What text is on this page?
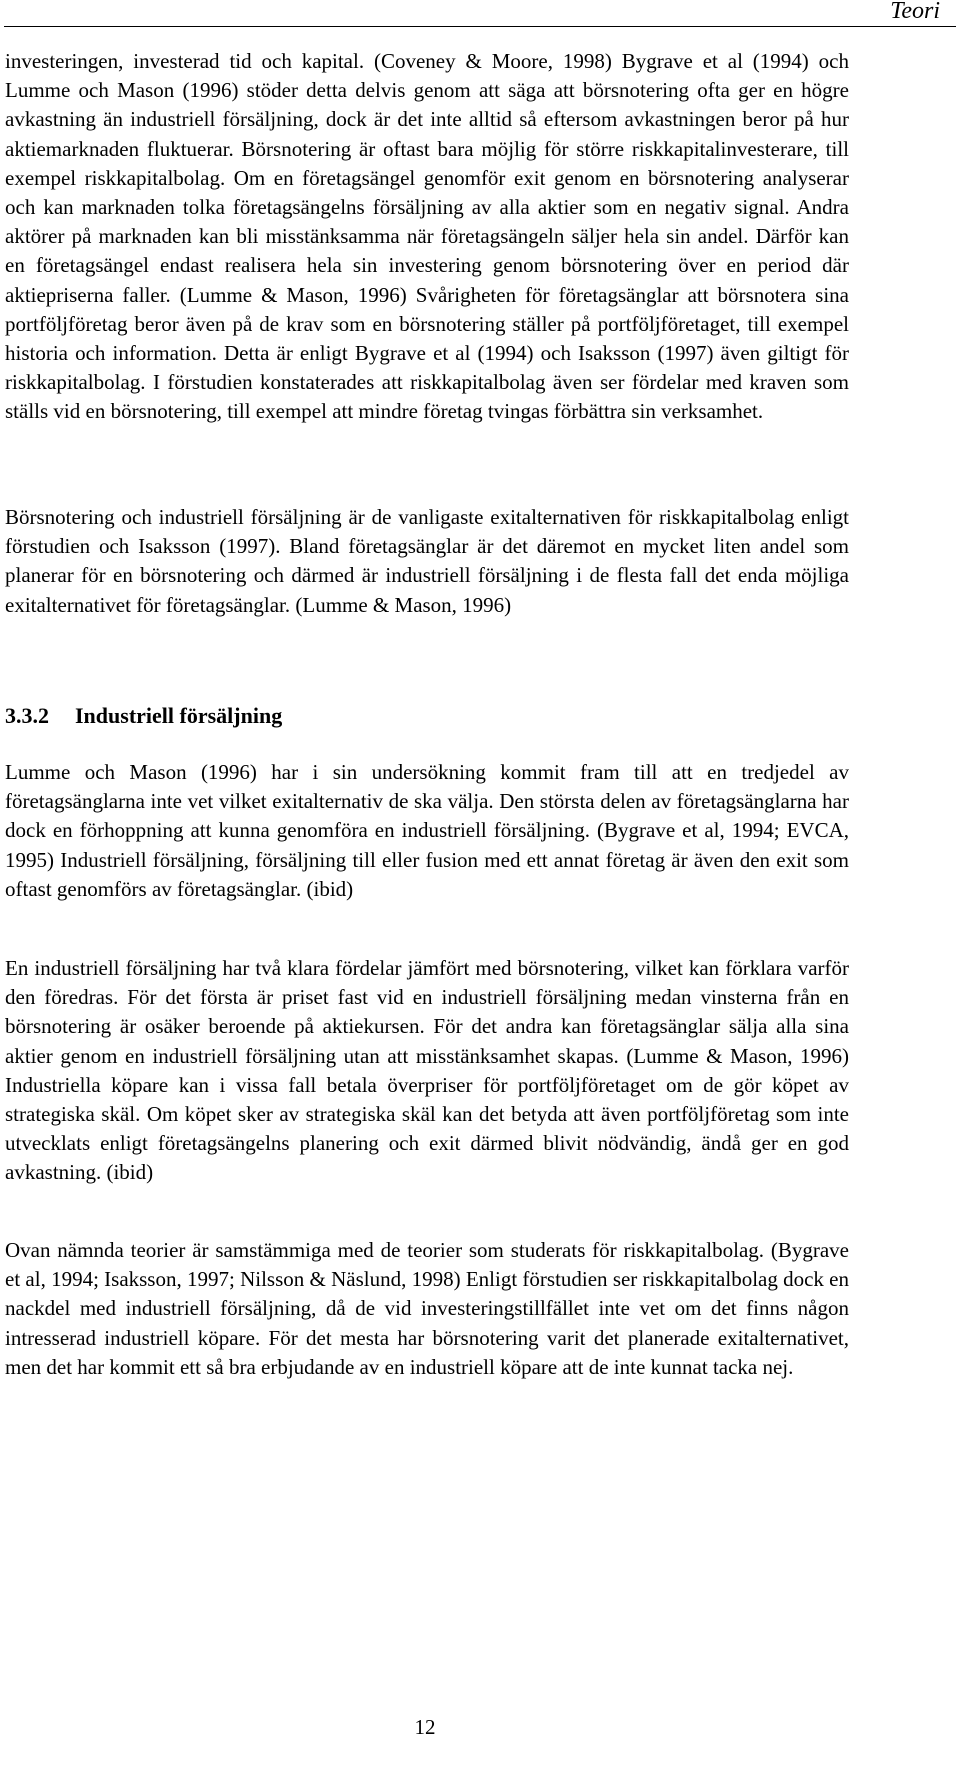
Teori

investeringen, investerad tid och kapital. (Coveney & Moore, 1998) Bygrave et al (1994) och Lumme och Mason (1996) stöder detta delvis genom att säga att börsnotering ofta ger en högre avkastning än industriell försäljning, dock är det inte alltid så eftersom avkastningen beror på hur aktiemarknaden fluktuerar. Börsnotering är oftast bara möjlig för större riskkapitalinvesterare, till exempel riskkapitalbolag. Om en företagsängel genomför exit genom en börsnotering analyserar och kan marknaden tolka företagsängelns försäljning av alla aktier som en negativ signal. Andra aktörer på marknaden kan bli misstänksamma när företagsängeln säljer hela sin andel. Därför kan en företagsängel endast realisera hela sin investering genom börsnotering över en period där aktiepriserna faller. (Lumme & Mason, 1996) Svårigheten för företagsänglar att börsnotera sina portföljföretag beror även på de krav som en börsnotering ställer på portföljföretaget, till exempel historia och information. Detta är enligt Bygrave et al (1994) och Isaksson (1997) även giltigt för riskkapitalbolag. I förstudien konstaterades att riskkapitalbolag även ser fördelar med kraven som ställs vid en börsnotering, till exempel att mindre företag tvingas förbättra sin verksamhet.

Börsnotering och industriell försäljning är de vanligaste exitalternativen för riskkapitalbolag enligt förstudien och Isaksson (1997). Bland företagsänglar är det däremot en mycket liten andel som planerar för en börsnotering och därmed är industriell försäljning i de flesta fall det enda möjliga exitalternativet för företagsänglar. (Lumme & Mason, 1996)

3.3.2 Industriell försäljning

Lumme och Mason (1996) har i sin undersökning kommit fram till att en tredjedel av företagsänglarna inte vet vilket exitalternativ de ska välja. Den största delen av företagsänglarna har dock en förhoppning att kunna genomföra en industriell försäljning. (Bygrave et al, 1994; EVCA, 1995) Industriell försäljning, försäljning till eller fusion med ett annat företag är även den exit som oftast genomförs av företagsänglar. (ibid)

En industriell försäljning har två klara fördelar jämfört med börsnotering, vilket kan förklara varför den föredras. För det första är priset fast vid en industriell försäljning medan vinsterna från en börsnotering är osäker beroende på aktiekursen. För det andra kan företagsänglar sälja alla sina aktier genom en industriell försäljning utan att misstänksamhet skapas. (Lumme & Mason, 1996) Industriella köpare kan i vissa fall betala överpriser för portföljföretaget om de gör köpet av strategiska skäl. Om köpet sker av strategiska skäl kan det betyda att även portföljföretag som inte utvecklats enligt företagsängelns planering och exit därmed blivit nödvändig, ändå ger en god avkastning. (ibid)

Ovan nämnda teorier är samstämmiga med de teorier som studerats för riskkapitalbolag. (Bygrave et al, 1994; Isaksson, 1997; Nilsson & Näslund, 1998) Enligt förstudien ser riskkapitalbolag dock en nackdel med industriell försäljning, då de vid investeringstillfället inte vet om det finns någon intresserad industriell köpare. För det mesta har börsnotering varit det planerade exitalternativet, men det har kommit ett så bra erbjudande av en industriell köpare att de inte kunnat tacka nej.

12
